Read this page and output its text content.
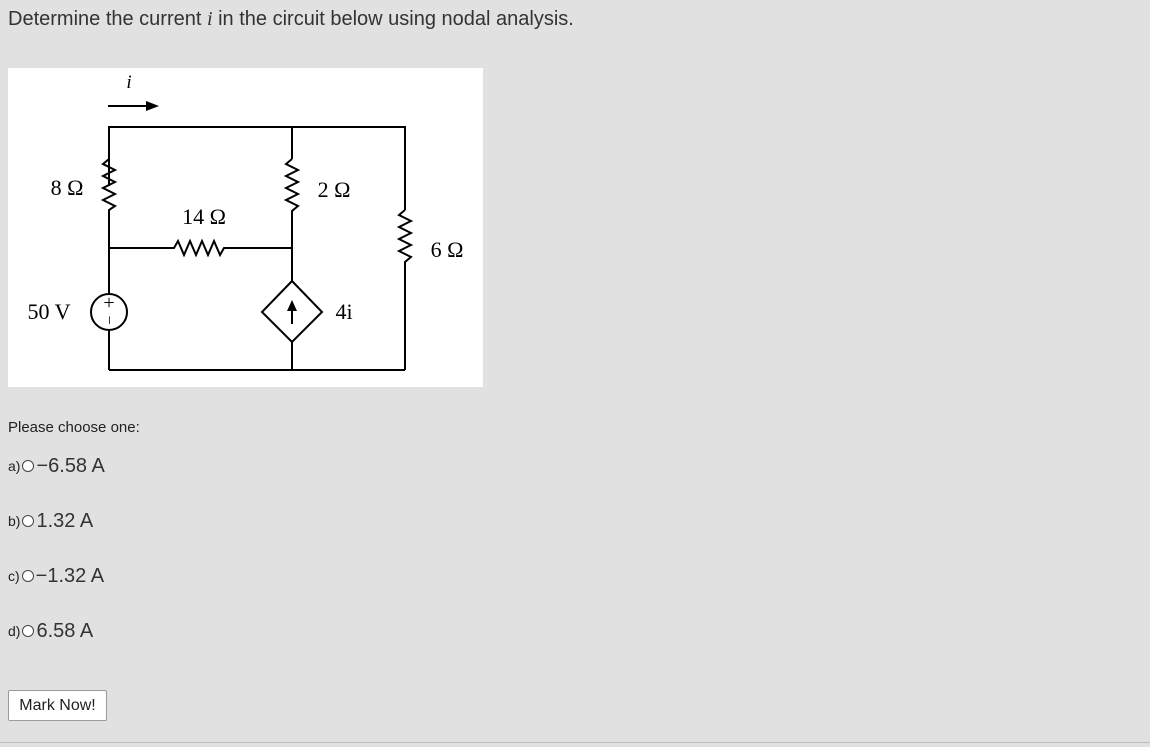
Determine the current i in the circuit below using nodal analysis.

i
8 Ω
14 Ω
2 Ω
6 Ω
50 V +
−	4i

Please choose one:

a) −6.58 A
b) 1.32 A
c) −1.32 A
d) 6.58 A
Mark Now!
